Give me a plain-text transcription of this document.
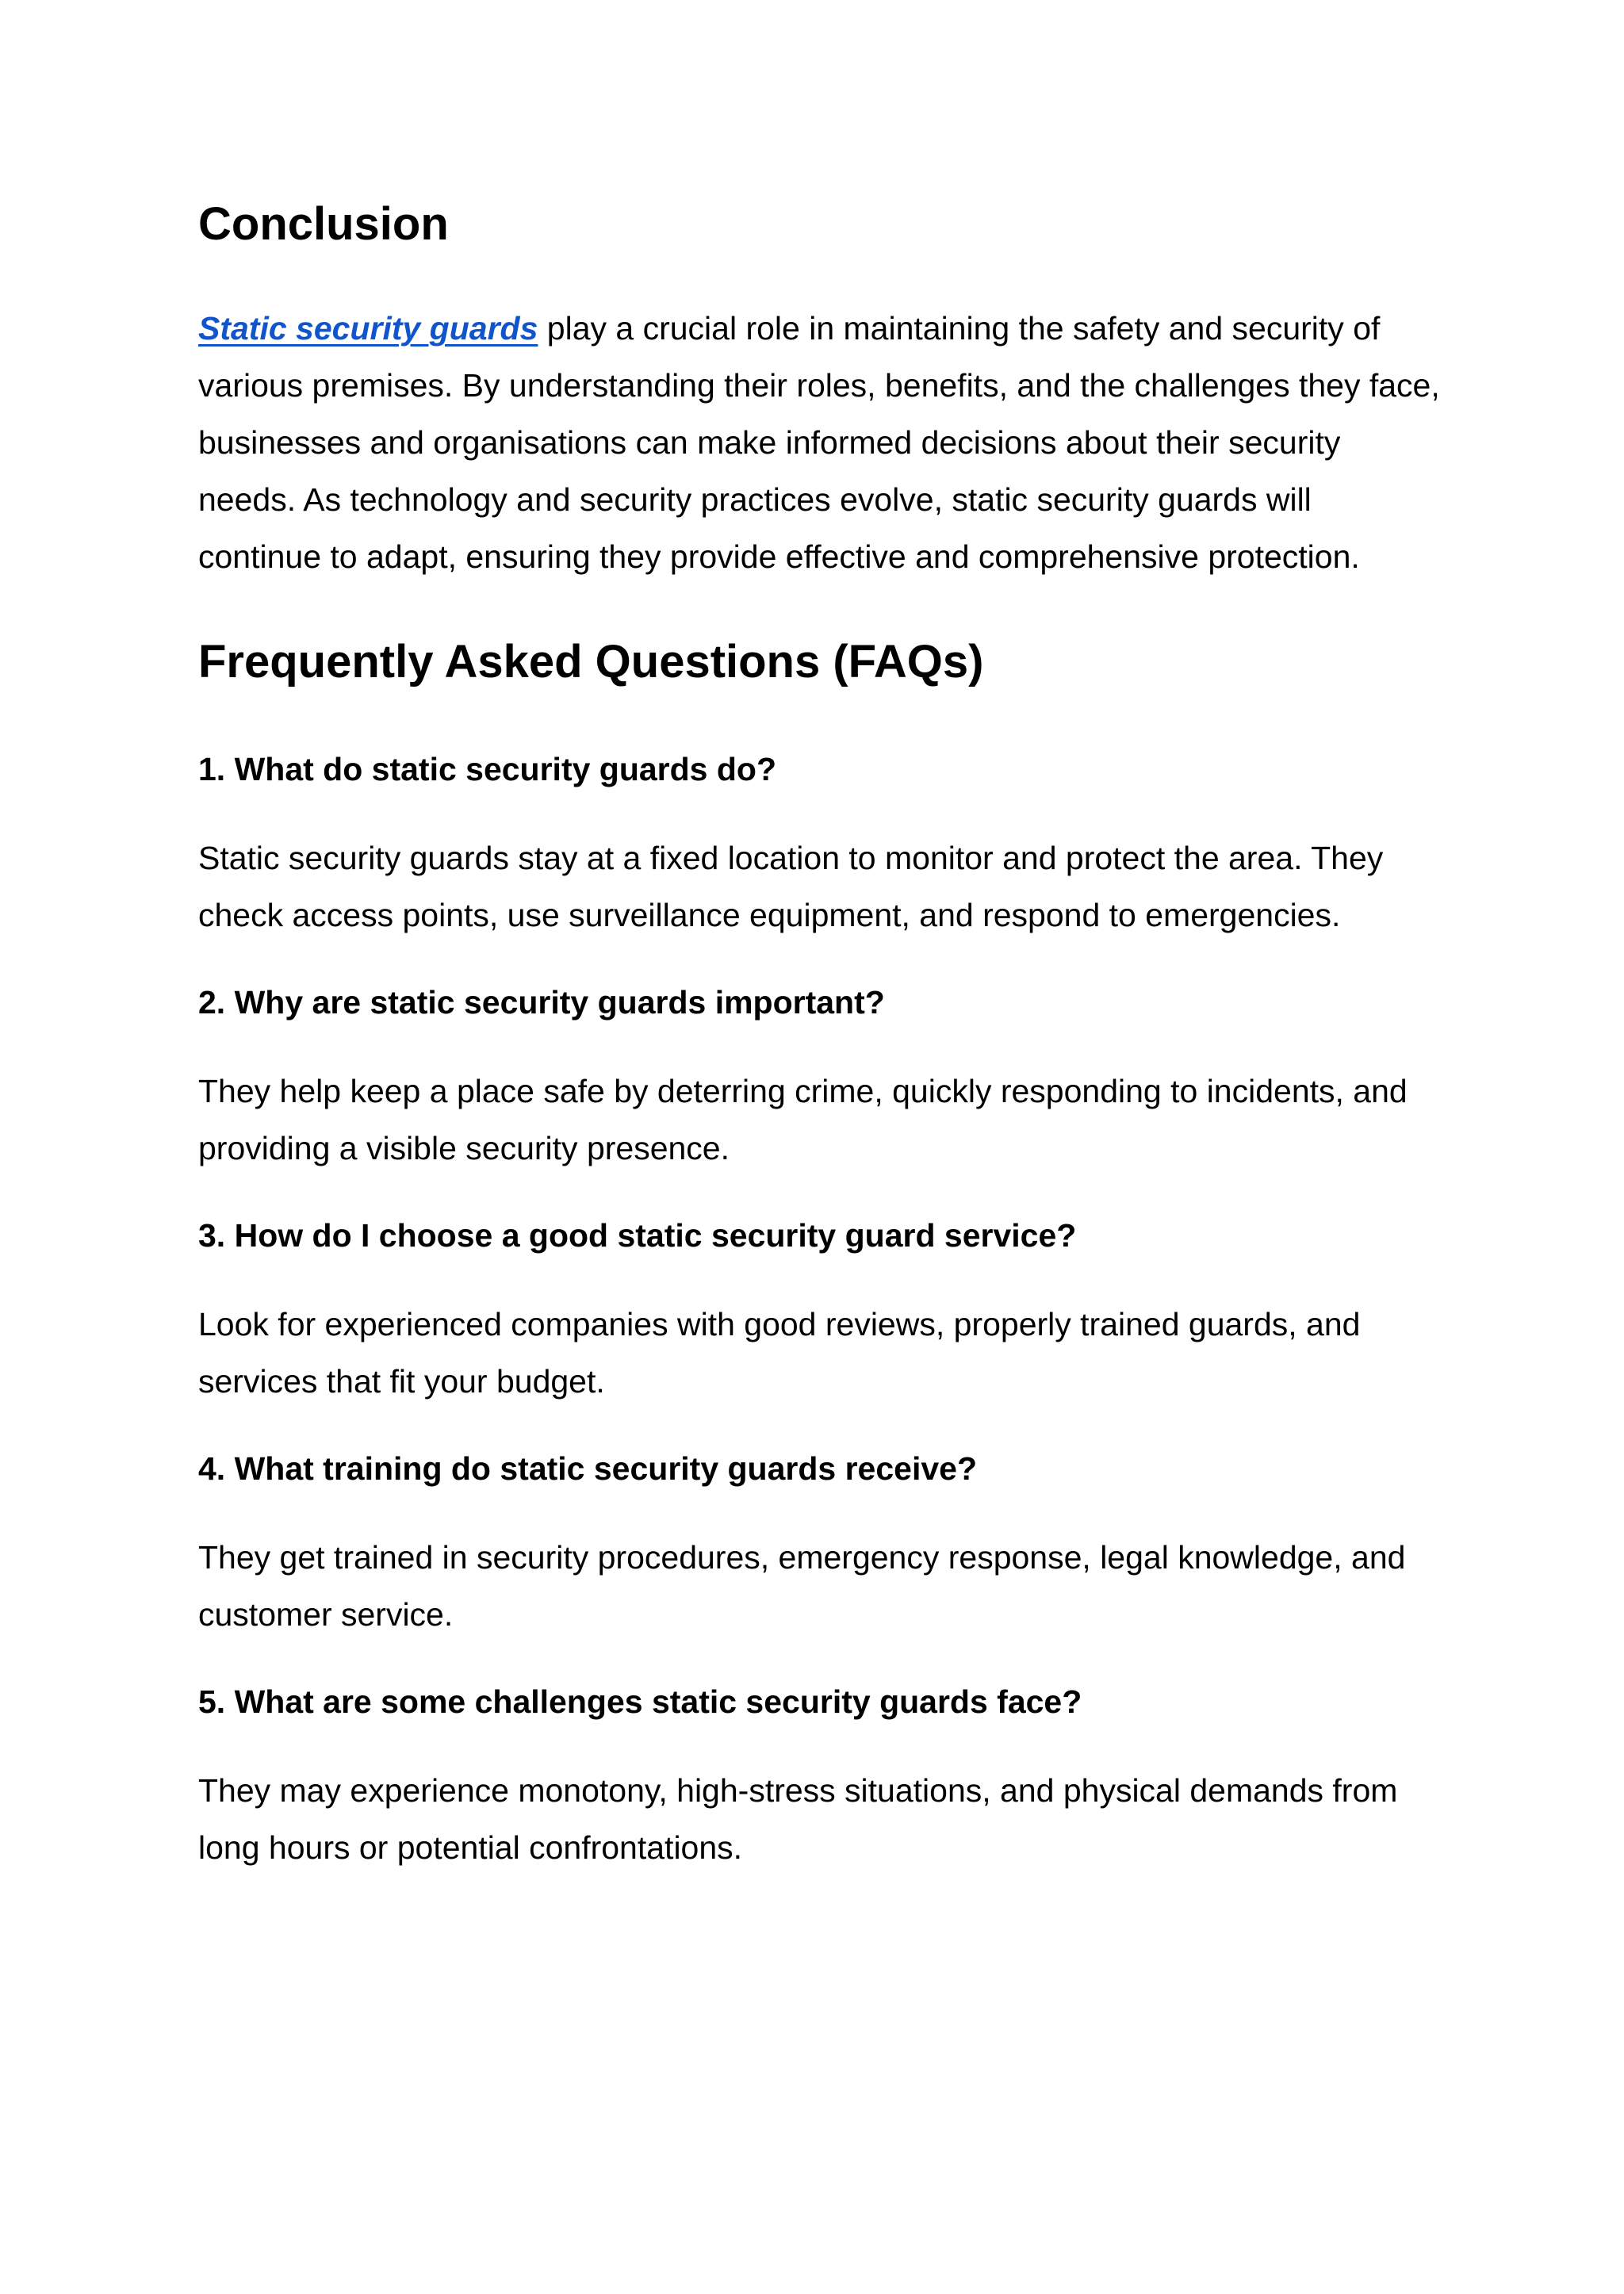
Conclusion

Static security guards play a crucial role in maintaining the safety and security of various premises. By understanding their roles, benefits, and the challenges they face, businesses and organisations can make informed decisions about their security needs. As technology and security practices evolve, static security guards will continue to adapt, ensuring they provide effective and comprehensive protection.

Frequently Asked Questions (FAQs)

1. What do static security guards do?

Static security guards stay at a fixed location to monitor and protect the area. They check access points, use surveillance equipment, and respond to emergencies.

2. Why are static security guards important?

They help keep a place safe by deterring crime, quickly responding to incidents, and providing a visible security presence.

3. How do I choose a good static security guard service?

Look for experienced companies with good reviews, properly trained guards, and services that fit your budget.

4. What training do static security guards receive?

They get trained in security procedures, emergency response, legal knowledge, and customer service.

5. What are some challenges static security guards face?

They may experience monotony, high-stress situations, and physical demands from long hours or potential confrontations.
